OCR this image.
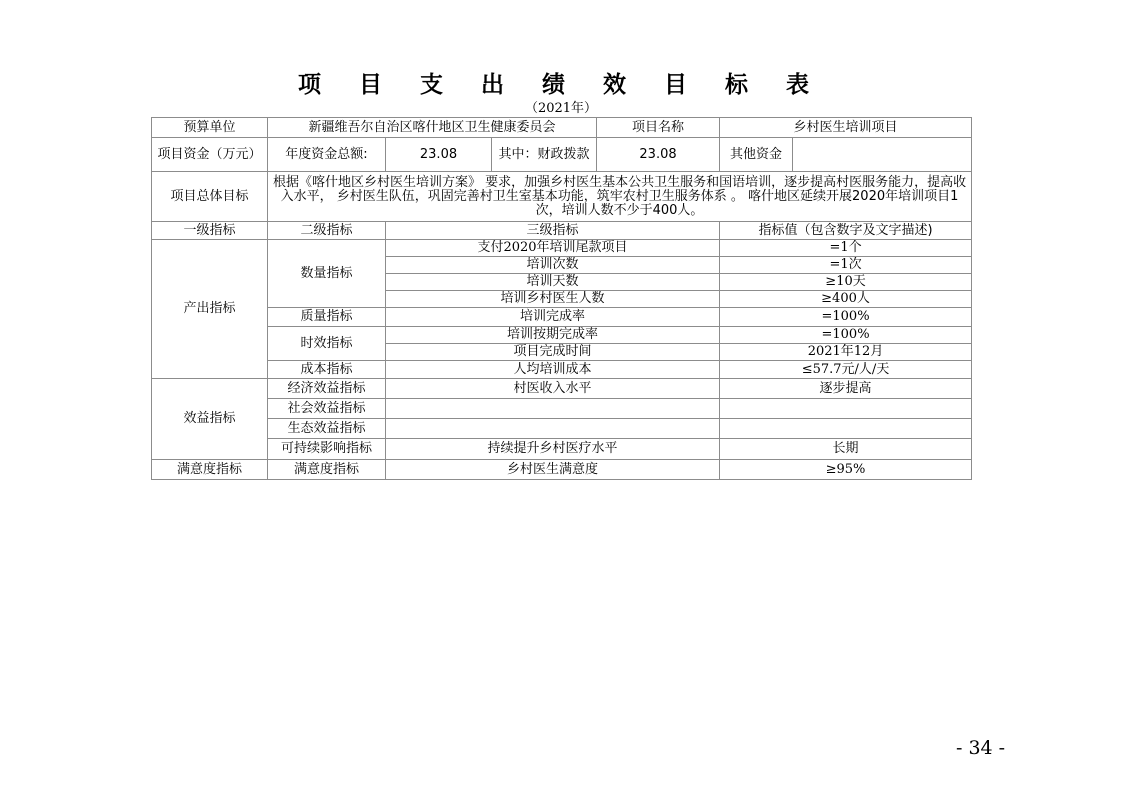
项 目 支 出 绩 效 目 标 表
（2021年）
预算单位	新疆维吾尔自治区喀什地区卫生健康委员会			项目名称	乡村医生培训项目	
项目资金（万元）	年度资金总额:	23.08	其中：财政拨款	23.08	其他资金	
项目总体目标	根据《喀什地区乡村医生培训方案》 要求，加强乡村医生基本公共卫生服务和国语培训，逐步提高村医服务能力，提高收入水平， 乡村医生队伍，巩固完善村卫生室基本功能，筑牢农村卫生服务体系 。 喀什地区延续开展2020年培训项目1次，培训人数不少于400人。					
一级指标	二级指标	三级指标			指标值（包含数字及文字描述)	
产出指标	数量指标	支付2020年培训尾款项目			=1个	
		培训次数			=1次	
		培训天数			≥10天	
		培训乡村医生人数			≥400人	
	质量指标	培训完成率			=100%	
	时效指标	培训按期完成率			=100%	
		项目完成时间			2021年12月	
	成本指标	人均培训成本			≤57.7元/人/天	
效益指标	经济效益指标	村医收入水平			逐步提高	
	社会效益指标					
	生态效益指标					
	可持续影响指标	持续提升乡村医疗水平			长期	
满意度指标	满意度指标	乡村医生满意度			≥95%	
- 34 -
